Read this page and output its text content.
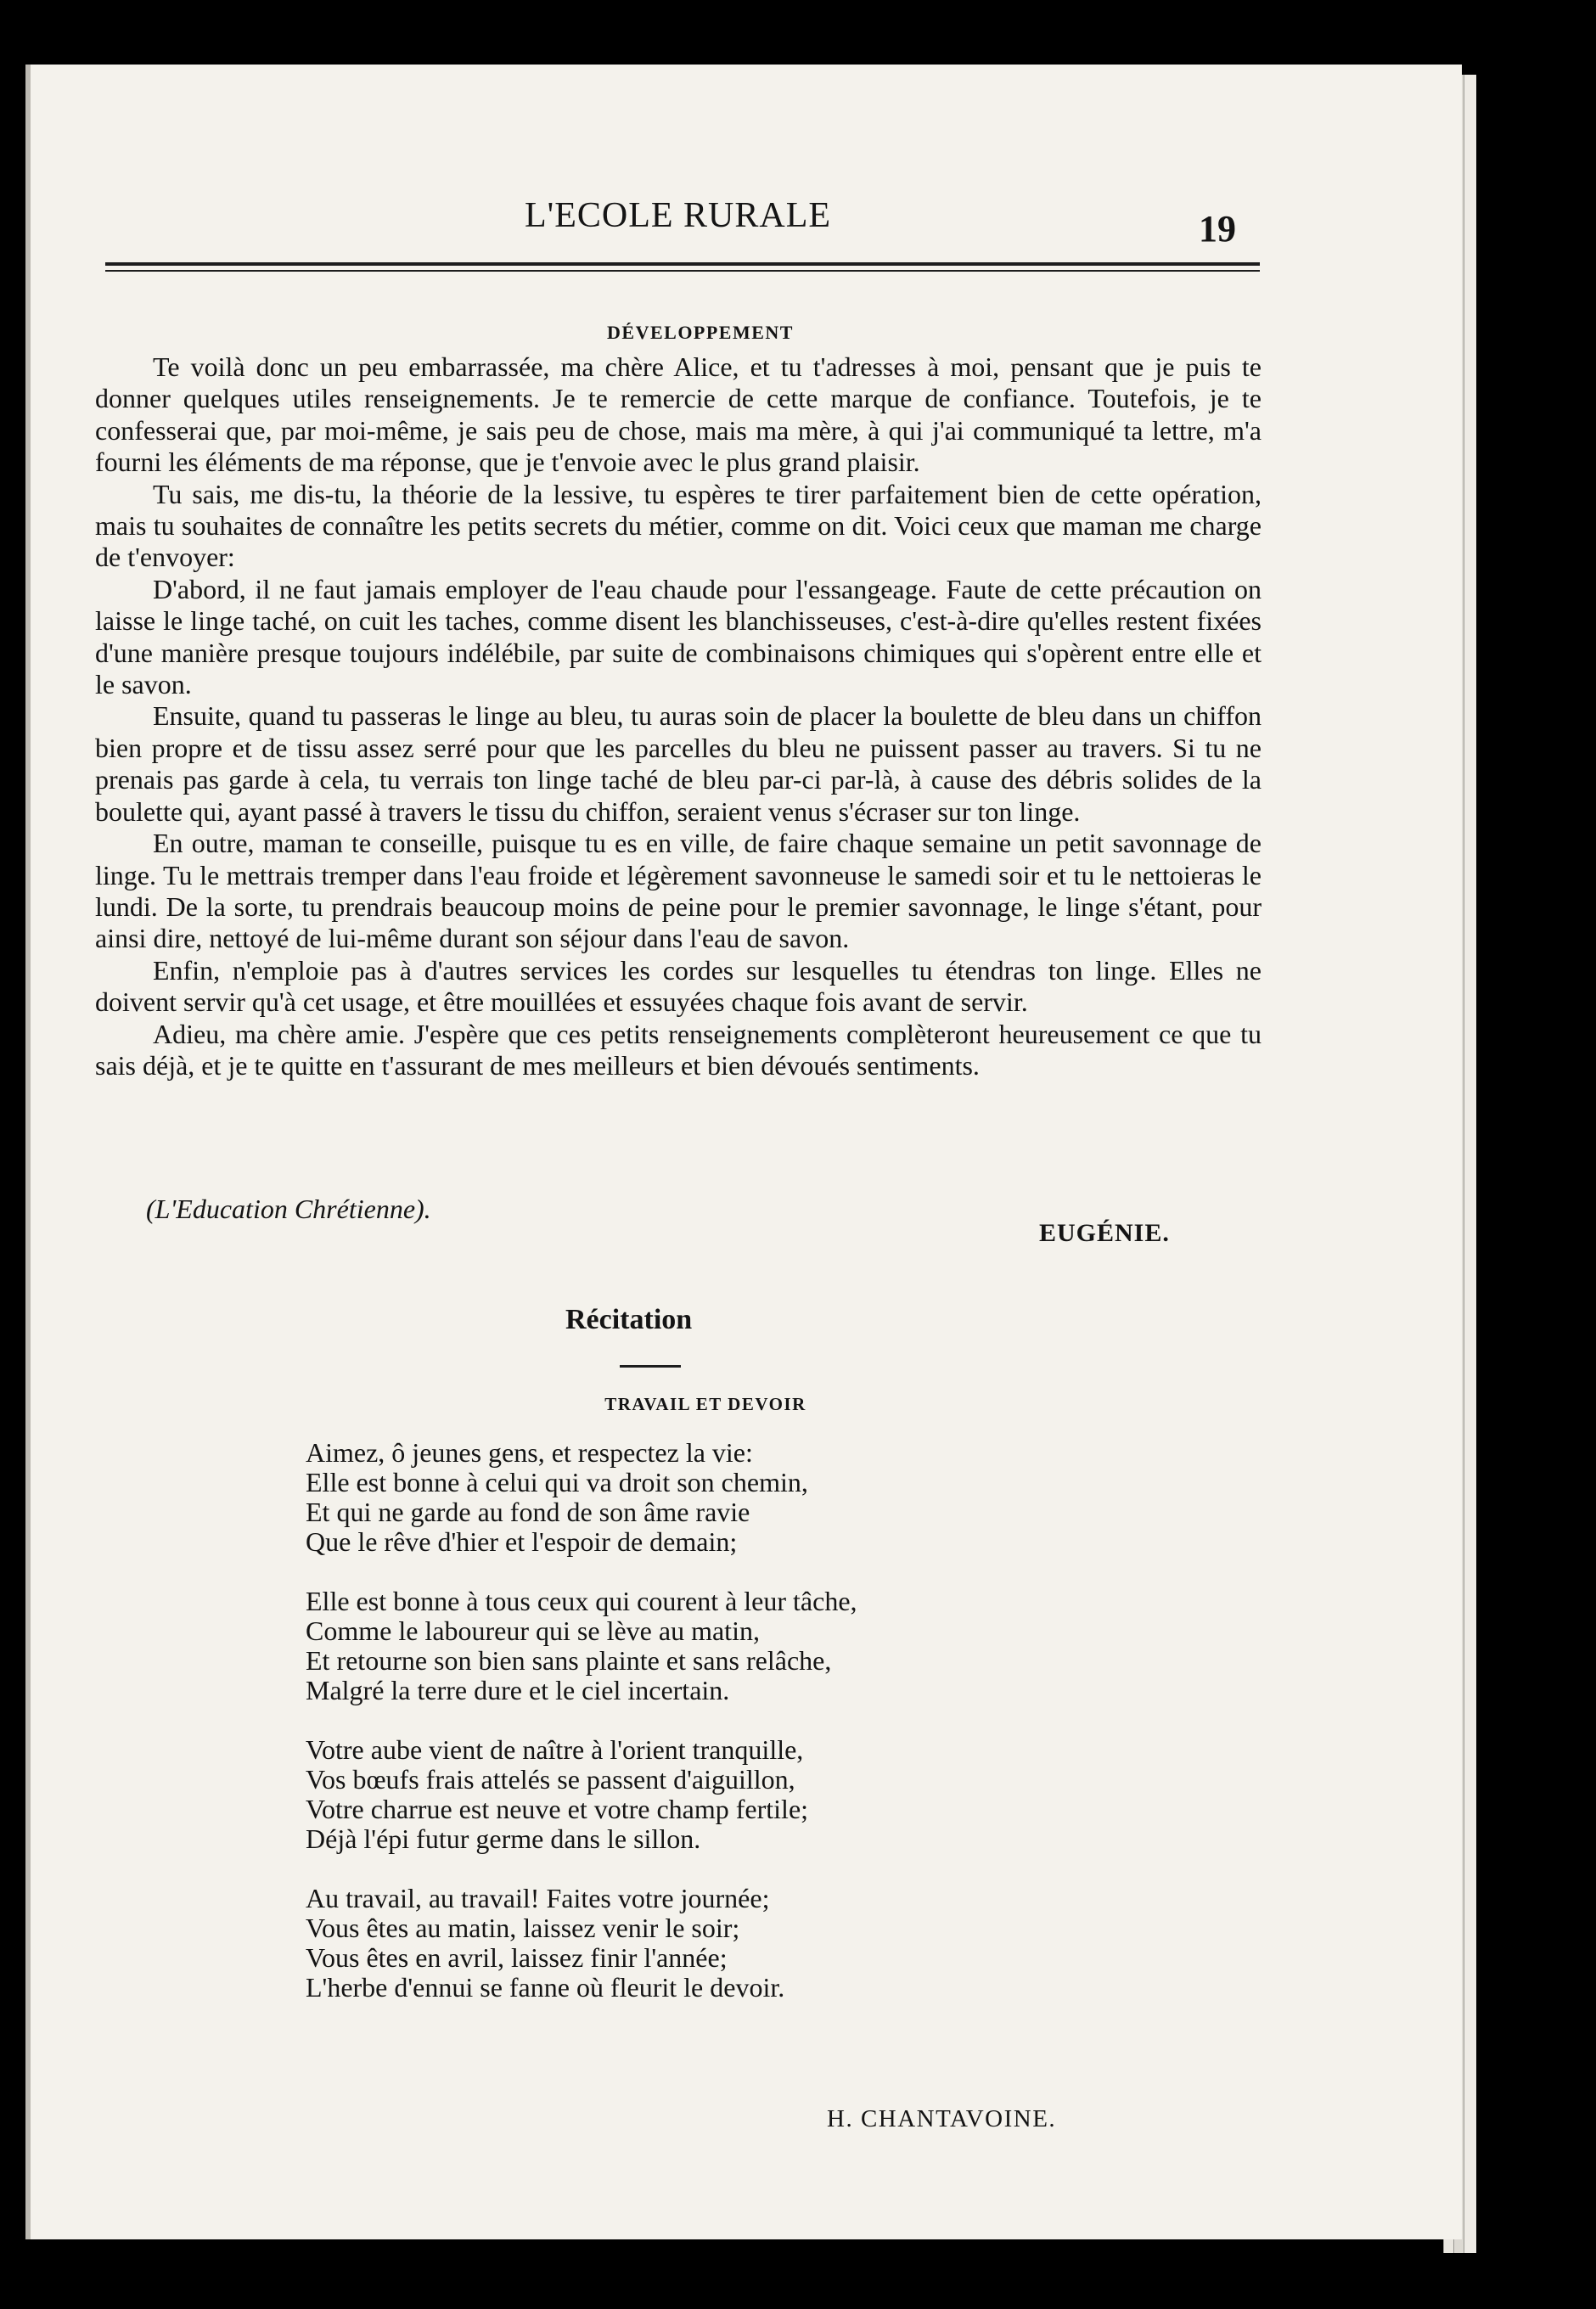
L'ECOLE RURALE	19
DÉVELOPPEMENT

Te voilà donc un peu embarrassée, ma chère Alice, et tu t'adresses à moi, pensant que je puis te donner quelques utiles renseignements. Je te remercie de cette marque de confiance. Toutefois, je te confesserai que, par moi-même, je sais peu de chose, mais ma mère, à qui j'ai communiqué ta lettre, m'a fourni les éléments de ma réponse, que je t'envoie avec le plus grand plaisir.

Tu sais, me dis-tu, la théorie de la lessive, tu espères te tirer parfaitement bien de cette opération, mais tu souhaites de connaître les petits secrets du métier, comme on dit. Voici ceux que maman me charge de t'envoyer:

D'abord, il ne faut jamais employer de l'eau chaude pour l'essangeage. Faute de cette précaution on laisse le linge taché, on cuit les taches, comme disent les blanchisseuses, c'est-à-dire qu'elles restent fixées d'une manière presque toujours indélébile, par suite de combinaisons chimiques qui s'opèrent entre elle et le savon.

Ensuite, quand tu passeras le linge au bleu, tu auras soin de placer la boulette de bleu dans un chiffon bien propre et de tissu assez serré pour que les parcelles du bleu ne puissent passer au travers. Si tu ne prenais pas garde à cela, tu verrais ton linge taché de bleu par-ci par-là, à cause des débris solides de la boulette qui, ayant passé à travers le tissu du chiffon, seraient venus s'écraser sur ton linge.

En outre, maman te conseille, puisque tu es en ville, de faire chaque semaine un petit savonnage de linge. Tu le mettrais tremper dans l'eau froide et légèrement savonneuse le samedi soir et tu le nettoieras le lundi. De la sorte, tu prendrais beaucoup moins de peine pour le premier savonnage, le linge s'étant, pour ainsi dire, nettoyé de lui-même durant son séjour dans l'eau de savon.

Enfin, n'emploie pas à d'autres services les cordes sur lesquelles tu étendras ton linge. Elles ne doivent servir qu'à cet usage, et être mouillées et essuyées chaque fois avant de servir.

Adieu, ma chère amie. J'espère que ces petits renseignements complèteront heureusement ce que tu sais déjà, et je te quitte en t'assurant de mes meilleurs et bien dévoués sentiments.

(L'Education Chrétienne).
EUGÉNIE.
Récitation
TRAVAIL ET DEVOIR
Aimez, ô jeunes gens, et respectez la vie:
Elle est bonne à celui qui va droit son chemin,
Et qui ne garde au fond de son âme ravie
Que le rêve d'hier et l'espoir de demain;
Elle est bonne à tous ceux qui courent à leur tâche,
Comme le laboureur qui se lève au matin,
Et retourne son bien sans plainte et sans relâche,
Malgré la terre dure et le ciel incertain.
Votre aube vient de naître à l'orient tranquille,
Vos bœufs frais attelés se passent d'aiguillon,
Votre charrue est neuve et votre champ fertile;
Déjà l'épi futur germe dans le sillon.
Au travail, au travail! Faites votre journée;
Vous êtes au matin, laissez venir le soir;
Vous êtes en avril, laissez finir l'année;
L'herbe d'ennui se fanne où fleurit le devoir.
H. CHANTAVOINE.
